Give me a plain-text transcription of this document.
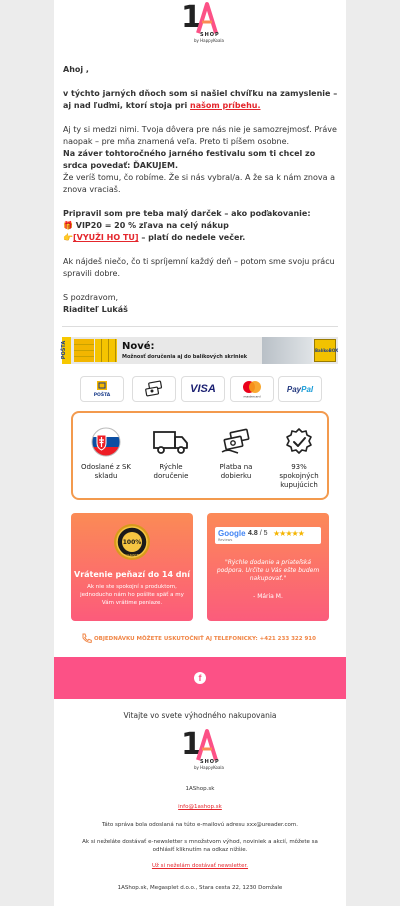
1
SHOP
by HappyKoala

Ahoj ,

v týchto jarných dňoch som si našiel chvíľku na zamyslenie – aj nad ľuďmi, ktorí stoja pri našom príbehu.

Aj ty si medzi nimi. Tvoja dôvera pre nás nie je samozrejmosť. Práve naopak – pre mňa znamená veľa. Preto ti píšem osobne.
Na záver tohtoročného jarného festivalu som ti chcel zo srdca povedať: ĎAKUJEM.
Že veríš tomu, čo robíme. Že si nás vybral/a. A že sa k nám znova a znova vraciaš.

Pripravil som pre teba malý darček – ako poďakovanie:
🎁 VIP20 = 20 % zľava na celý nákup
👉[VYUŽI HO TU] – platí do nedele večer.

Ak nájdeš niečo, čo ti spríjemní každý deň – potom sme svoju prácu spravili dobre.

S pozdravom,
Riaditeľ Lukáš

POŠTA	Nové:
Možnosť doručenia aj do balíkových skriniek
BalíkoBOX
POŠTA
VISA
mastercard
PayPal
Odoslané z SK skladu
Rýchle doručenie
Platba na dobierku
93% spokojných kupujúcich
100%
GUARANTEE
Vrátenie peňazí do 14 dní
Ak nie ste spokojní s produktom, jednoducho nám ho pošlite späť a my Vám vrátime peniaze.
Google 4.8 / 5 ★★★★★
Reviews
"Rýchle dodanie a priateľská podpora. Určite u Vás ešte budem nakupovať."
- Mária M.
OBJEDNÁVKU MÔŽETE USKUTOČNIŤ AJ TELEFONICKY: +421 233 322 910
f
Vitajte vo svete výhodného nakupovania
1
SHOP
by HappyKoala
1AShop.sk
info@1ashop.sk
Táto správa bola odoslaná na túto e-mailovú adresu xxx@ureader.com.
Ak si neželáte dostávať e-newsletter s množstvom výhod, noviniek a akcií, môžete sa odhlásiť kliknutím na odkaz nižšie.
Už si neželám dostávať newsletter.
1AShop.sk, Megasplet d.o.o., Stara cesta 22, 1230 Domžale
